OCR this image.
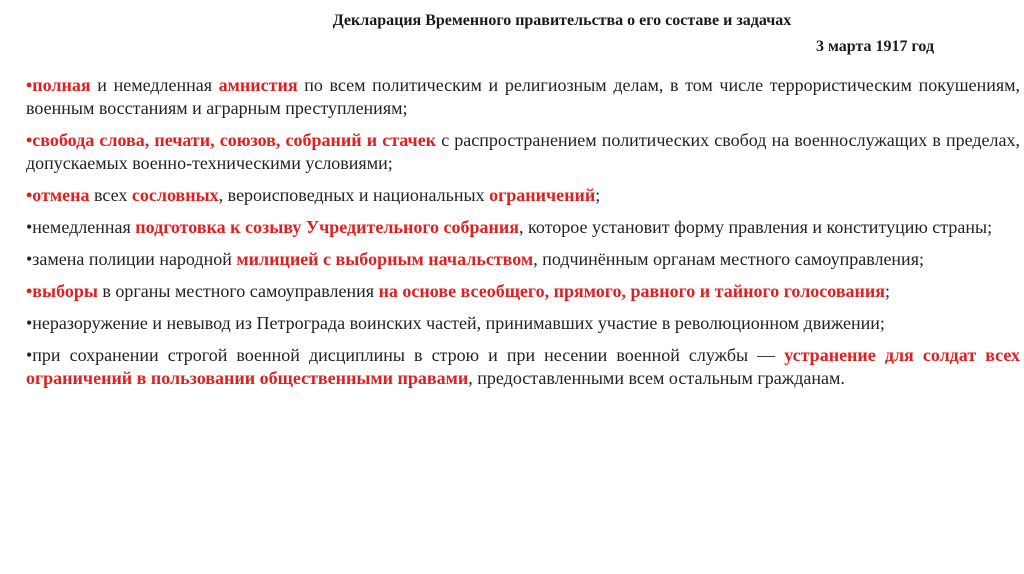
Декларация Временного правительства о его составе и задачах
3 марта 1917 год
•полная и немедленная амнистия по всем политическим и религиозным делам, в том числе террористическим покушениям, военным восстаниям и аграрным преступлениям;
•свобода слова, печати, союзов, собраний и стачек с распространением политических свобод на военнослужащих в пределах, допускаемых военно-техническими условиями;
•отмена всех сословных, вероисповедных и национальных ограничений;
•немедленная подготовка к созыву Учредительного собрания, которое установит форму правления и конституцию страны;
•замена полиции народной милицией с выборным начальством, подчинённым органам местного самоуправления;
•выборы в органы местного самоуправления на основе всеобщего, прямого, равного и тайного голосования;
•неразоружение и невывод из Петрограда воинских частей, принимавших участие в революционном движении;
•при сохранении строгой военной дисциплины в строю и при несении военной службы — устранение для солдат всех ограничений в пользовании общественными правами, предоставленными всем остальным гражданам.
